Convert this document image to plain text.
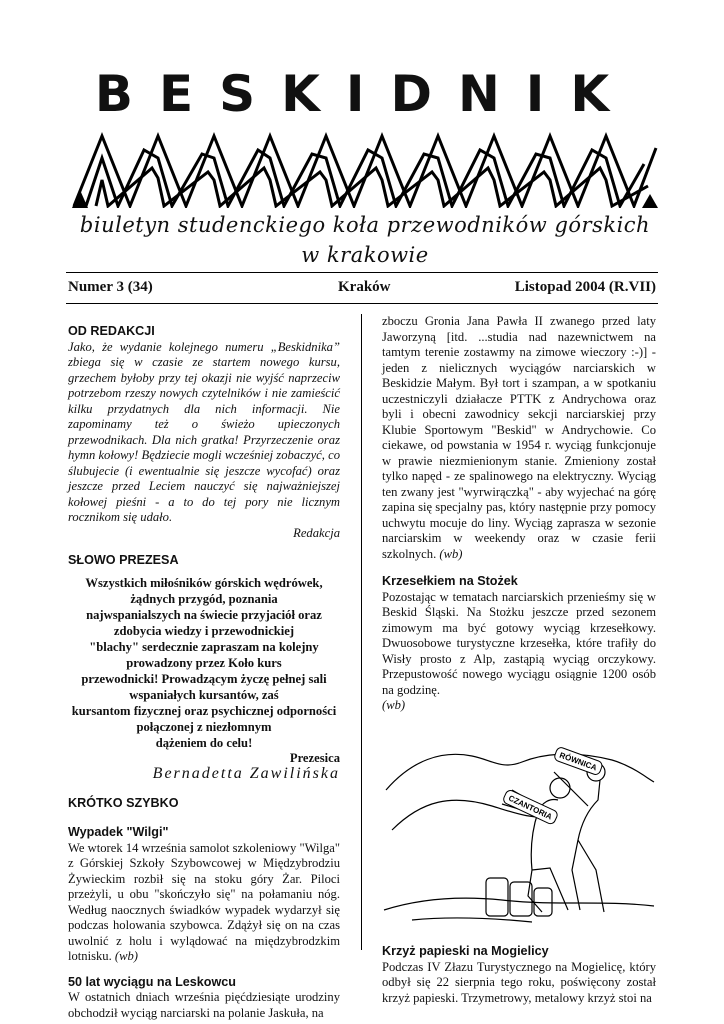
BESKIDNIK
biuletyn studenckiego koła przewodników górskich w krakowie
Numer 3 (34)	Kraków	Listopad 2004 (R.VII)

OD REDAKCJI

Jako, że wydanie kolejnego numeru „Beskidnika” zbiega się w czasie ze startem nowego kursu, grzechem byłoby przy tej okazji nie wyjść naprzeciw potrzebom rzeszy nowych czytelników i nie zamieścić kilku przydatnych dla nich informacji. Nie zapominamy też o świeżo upieczonych przewodnikach. Dla nich gratka! Przyrzeczenie oraz hymn kołowy! Będziecie mogli wcześniej zobaczyć, co ślubujecie (i ewentualnie się jeszcze wycofać) oraz jeszcze przed Leciem nauczyć się najważniejszej kołowej pieśni - a to do tej pory nie licznym rocznikom się udało.

Redakcja

SŁOWO PREZESA

Wszystkich miłośników górskich wędrówek,
żądnych przygód, poznania
najwspanialszych na świecie przyjaciół oraz
zdobycia wiedzy i przewodnickiej
"blachy" serdecznie zapraszam na kolejny
prowadzony przez Koło kurs
przewodnicki! Prowadzącym życzę pełnej sali
wspaniałych kursantów, zaś
kursantom fizycznej oraz psychicznej odporności
połączonej z niezłomnym
dążeniem do celu!

Prezesica

Bernadetta Zawilińska

KRÓTKO SZYBKO

Wypadek "Wilgi"

We wtorek 14 września samolot szkoleniowy "Wilga" z Górskiej Szkoły Szybowcowej w Międzybrodziu Żywieckim rozbił się na stoku góry Żar. Piloci przeżyli, u obu "skończyło się" na połamaniu nóg. Według naocznych świadków wypadek wydarzył się podczas holowania szybowca. Zdążył się on na czas uwolnić z holu i wylądować na międzybrodzkim lotnisku. (wb)

50 lat wyciągu na Leskowcu

W ostatnich dniach września pięćdziesiąte urodziny obchodził wyciąg narciarski na polanie Jaskuła, na

zboczu Gronia Jana Pawła II zwanego przed laty Jaworzyną [itd. ...studia nad nazewnictwem na tamtym terenie zostawmy na zimowe wieczory :-)] - jeden z nielicznych wyciągów narciarskich w Beskidzie Małym. Był tort i szampan, a w spotkaniu uczestniczyli działacze PTTK z Andrychowa oraz byli i obecni zawodnicy sekcji narciarskiej przy Klubie Sportowym "Beskid" w Andrychowie. Co ciekawe, od powstania w 1954 r. wyciąg funkcjonuje w prawie niezmienionym stanie. Zmieniony został tylko napęd - ze spalinowego na elektryczny. Wyciąg ten zwany jest "wyrwirączką" - aby wyjechać na górę zapina się specjalny pas, który następnie przy pomocy uchwytu mocuje do liny. Wyciąg zaprasza w sezonie narciarskim w weekendy oraz w czasie ferii szkolnych. (wb)

Krzesełkiem na Stożek

Pozostając w tematach narciarskich przenieśmy się w Beskid Śląski. Na Stożku jeszcze przed sezonem zimowym ma być gotowy wyciąg krzesełkowy. Dwuosobowe turystyczne krzesełka, które trafiły do Wisły prosto z Alp, zastąpią wyciąg orczykowy. Przepustowość nowego wyciągu osiągnie 1200 osób na godzinę.

(wb)

RÓWNICA
CZANTORIA

Krzyż papieski na Mogielicy

Podczas IV Złazu Turystycznego na Mogielicę, który odbył się 22 sierpnia tego roku, poświęcony został krzyż papieski. Trzymetrowy, metalowy krzyż stoi na
